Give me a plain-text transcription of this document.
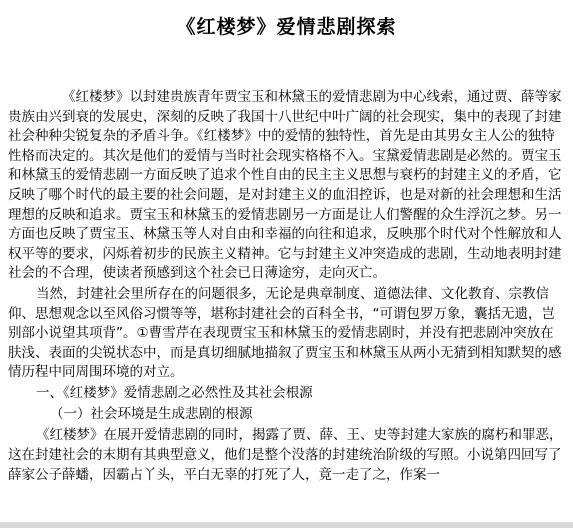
《红楼梦》爱情悲剧探索

《红楼梦》以封建贵族青年贾宝玉和林黛玉的爱情悲剧为中心线索，通过贾、薛等家贵族由兴到衰的发展史，深刻的反映了我国十八世纪中叶广阔的社会现实，集中的表现了封建社会种种尖锐复杂的矛盾斗争。《红楼梦》中的爱情的独特性，首先是由其男女主人公的独特性格而决定的。其次是他们的爱情与当时社会现实格格不入。宝黛爱情悲剧是必然的。贾宝玉和林黛玉的爱情悲剧一方面反映了追求个性自由的民主主义思想与衰朽的封建主义的矛盾，它反映了哪个时代的最主要的社会问题，是对封建主义的血泪控诉，也是对新的社会理想和生活理想的反映和追求。贾宝玉和林黛玉的爱情悲剧另一方面是让人们警醒的众生浮沉之梦。另一方面也反映了贾宝玉、林黛玉等人对自由和幸福的向往和追求，反映那个时代对个性解放和人权平等的要求，闪烁着初步的民族主义精神。它与封建主义冲突造成的悲剧，生动地表明封建社会的不合理，使读者预感到这个社会已日薄途穷，走向灭亡。

当然，封建社会里所存在的问题很多，无论是典章制度、道德法律、文化教育、宗教信仰、思想观念以至风俗习惯等等，堪称封建社会的百科全书，“可谓包罗万象，囊括无遗，岂别部小说望其项背”。①曹雪芹在表现贾宝玉和林黛玉的爱情悲剧时，并没有把悲剧冲突放在肤浅、表面的尖锐状态中，而是真切细腻地描叙了贾宝玉和林黛玉从两小无猜到相知默契的感情历程中同周围环境的对立。

一、《红楼梦》爱情悲剧之必然性及其社会根源

（一）社会环境是生成悲剧的根源

《红楼梦》在展开爱情悲剧的同时，揭露了贾、薛、王、史等封建大家族的腐朽和罪恶，这在封建社会的末期有其典型意义，他们是整个没落的封建统治阶级的写照。小说第四回写了薛家公子薛蟠，因霸占丫头，平白无辜的打死了人，竟一走了之，作案一
